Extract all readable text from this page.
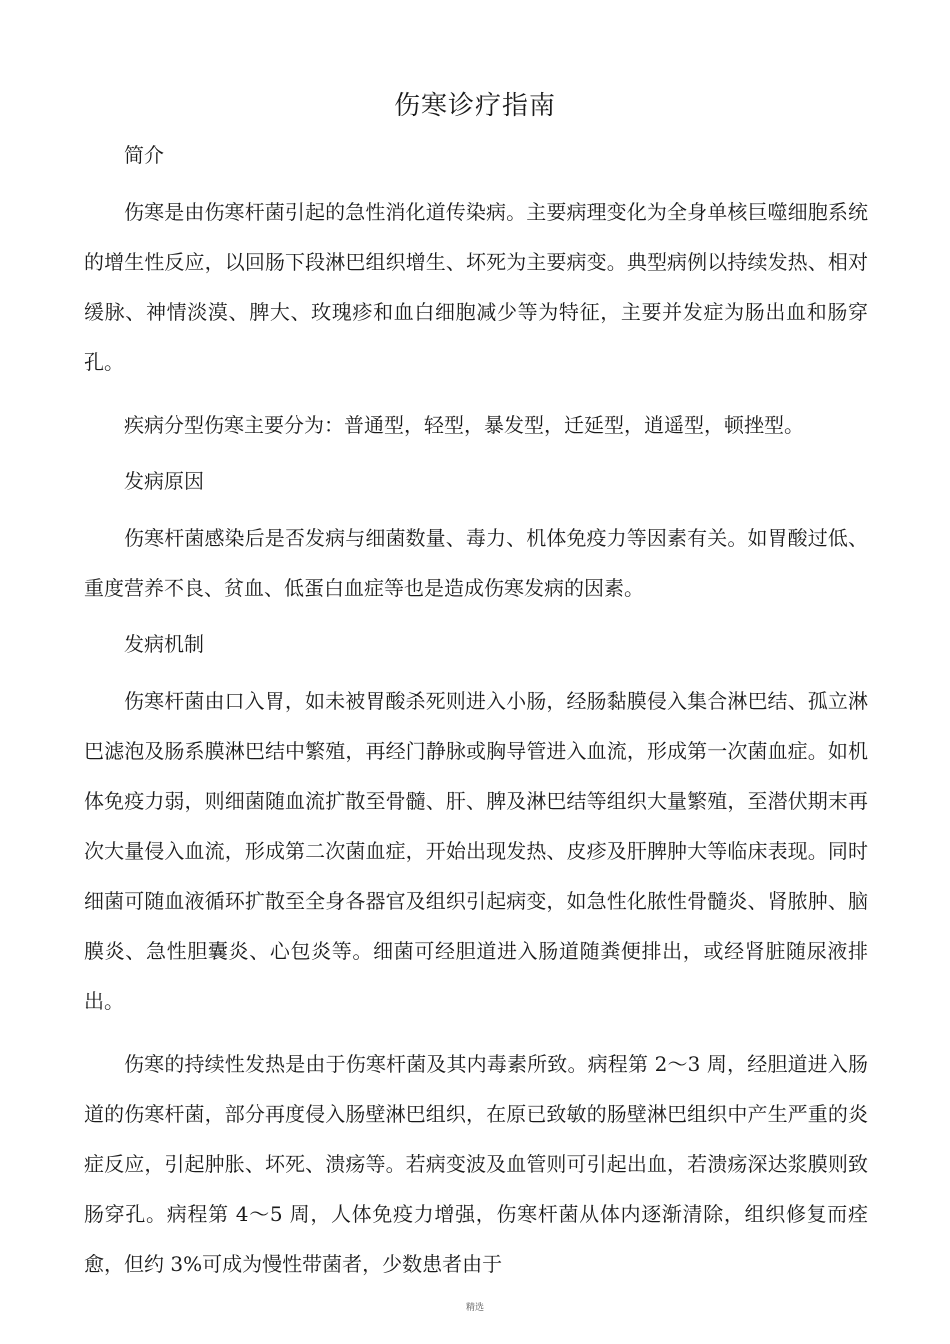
伤寒诊疗指南

简介

伤寒是由伤寒杆菌引起的急性消化道传染病。主要病理变化为全身单核巨噬细胞系统的增生性反应，以回肠下段淋巴组织增生、坏死为主要病变。典型病例以持续发热、相对缓脉、神情淡漠、脾大、玫瑰疹和血白细胞减少等为特征，主要并发症为肠出血和肠穿孔。

疾病分型伤寒主要分为：普通型，轻型，暴发型，迁延型，逍遥型，顿挫型。

发病原因

伤寒杆菌感染后是否发病与细菌数量、毒力、机体免疫力等因素有关。如胃酸过低、重度营养不良、贫血、低蛋白血症等也是造成伤寒发病的因素。

发病机制

伤寒杆菌由口入胃，如未被胃酸杀死则进入小肠，经肠黏膜侵入集合淋巴结、孤立淋巴滤泡及肠系膜淋巴结中繁殖，再经门静脉或胸导管进入血流，形成第一次菌血症。如机体免疫力弱，则细菌随血流扩散至骨髓、肝、脾及淋巴结等组织大量繁殖，至潜伏期末再次大量侵入血流，形成第二次菌血症，开始出现发热、皮疹及肝脾肿大等临床表现。同时细菌可随血液循环扩散至全身各器官及组织引起病变，如急性化脓性骨髓炎、肾脓肿、脑膜炎、急性胆囊炎、心包炎等。细菌可经胆道进入肠道随粪便排出，或经肾脏随尿液排出。

伤寒的持续性发热是由于伤寒杆菌及其内毒素所致。病程第 2～3 周，经胆道进入肠道的伤寒杆菌，部分再度侵入肠壁淋巴组织，在原已致敏的肠壁淋巴组织中产生严重的炎症反应，引起肿胀、坏死、溃疡等。若病变波及血管则可引起出血，若溃疡深达浆膜则致肠穿孔。病程第 4～5 周，人体免疫力增强，伤寒杆菌从体内逐渐清除，组织修复而痊愈，但约 3%可成为慢性带菌者，少数患者由于

精选
